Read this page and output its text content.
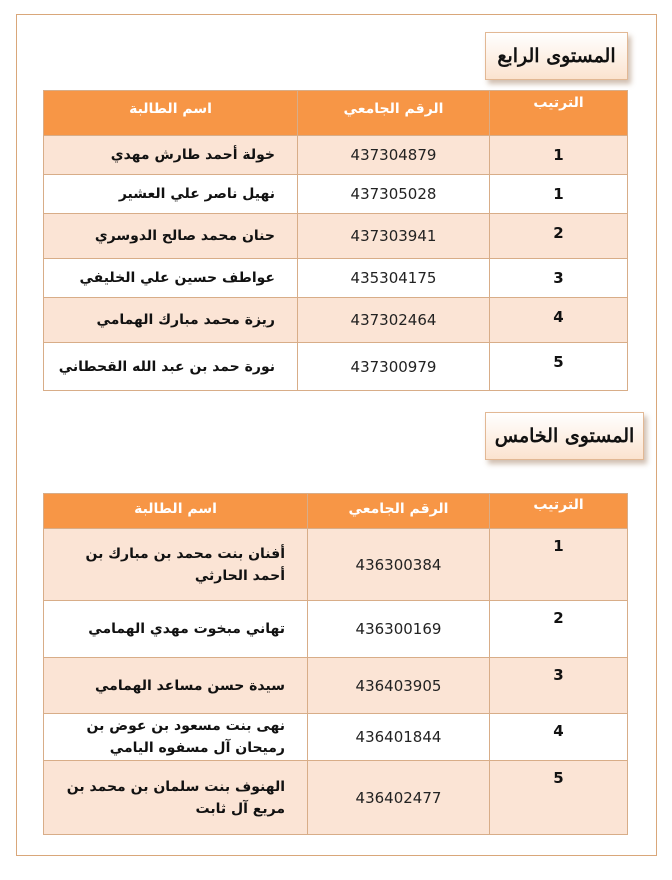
المستوى الرابع
اسم الطالبة	الرقم الجامعي	الترتيب
خولة أحمد طارش مهدي	437304879	1
نهيل ناصر علي العشير	437305028	1
حنان محمد صالح الدوسري	437303941	2
عواطف حسين علي الخليفي	435304175	3
ريزة محمد مبارك الهمامي	437302464	4
نورة حمد بن عبد الله القحطاني	437300979	5
المستوى الخامس
اسم الطالبة	الرقم الجامعي	الترتيب
أفنان بنت محمد بن مبارك بن أحمد الحارثي	436300384	1
تهاني مبخوت مهدي الهمامي	436300169	2
سيدة حسن مساعد الهمامي	436403905	3
نهى بنت مسعود بن عوض بن رميحان آل مسفوه اليامي	436401844	4
الهنوف بنت سلمان بن محمد بن مريع آل ثابت	436402477	5
